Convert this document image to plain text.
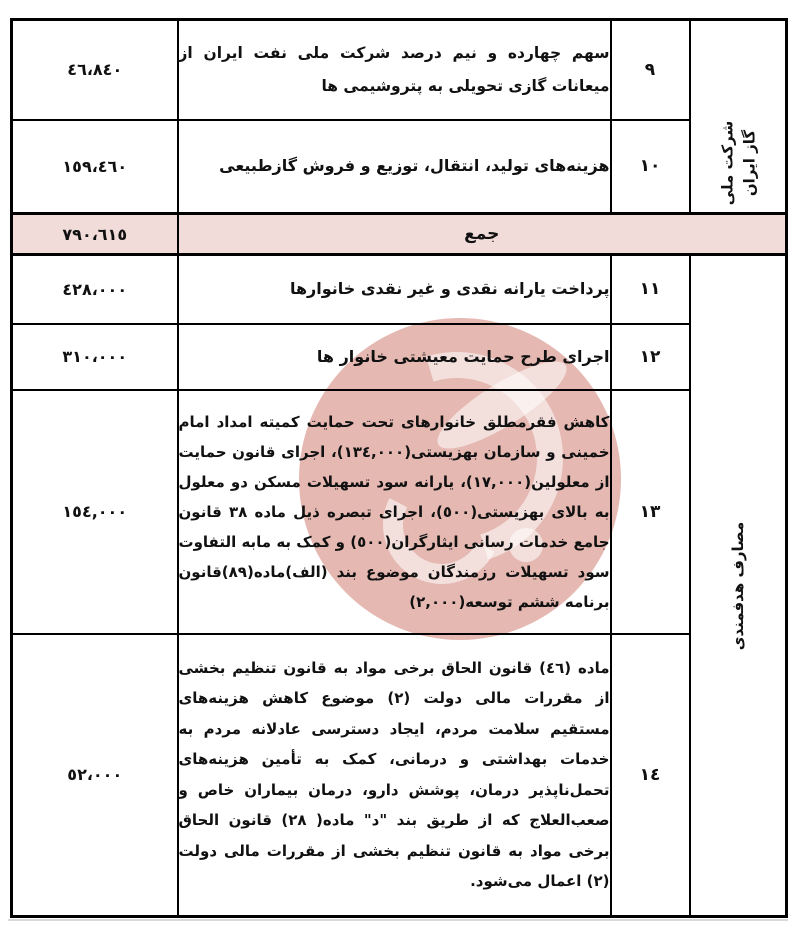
شرکت ملی گاز ایران	٩	سهم چهارده و نیم درصد شرکت ملی نفت ایران از میعانات گازی تحویلی به پتروشیمی ها	٤٦،٨٤٠
	١٠	هزینه‌های تولید، انتقال، توزیع و فروش گازطبیعی	١٥٩،٤٦٠
جمع			٧٩٠،٦١٥

مصارف هدفمندی	١١	پرداخت یارانه نقدی و غیر نقدی خانوارها	٤٢٨،٠٠٠
	١٢	اجرای طرح حمایت معیشتی خانوار ها	٣١٠،٠٠٠
	١٣	کاهش فقرمطلق خانوارهای تحت حمایت کمیته امداد امام خمینی و سازمان بهزیستی(١٣٤,٠٠٠)، اجرای قانون حمایت از معلولین(١٧,٠٠٠)، یارانه سود تسهیلات مسکن دو معلول به بالای بهزیستی(٥٠٠)، اجرای تبصره ذیل ماده ٣٨ قانون جامع خدمات رسانی ایثارگران(٥٠٠) و کمک به مابه التفاوت سود تسهیلات رزمندگان موضوع بند (الف)ماده(٨٩)قانون برنامه ششم توسعه(٢,٠٠٠)	١٥٤,٠٠٠
	١٤	ماده (٤٦) قانون الحاق برخی مواد به قانون تنظیم بخشی از مقررات مالی دولت (٢) موضوع کاهش هزینه‌های مستقیم سلامت مردم، ایجاد دسترسی عادلانه مردم به خدمات بهداشتی و درمانی، کمک به تأمین هزینه‌های تحمل‌ناپذیر درمان، پوشش دارو، درمان بیماران خاص و صعب‌العلاج که از طریق بند "د" ماده( ٢٨) قانون الحاق برخی مواد به قانون تنظیم بخشی از مقررات مالی دولت (٢) اعمال می‌شود.	٥٢،٠٠٠
